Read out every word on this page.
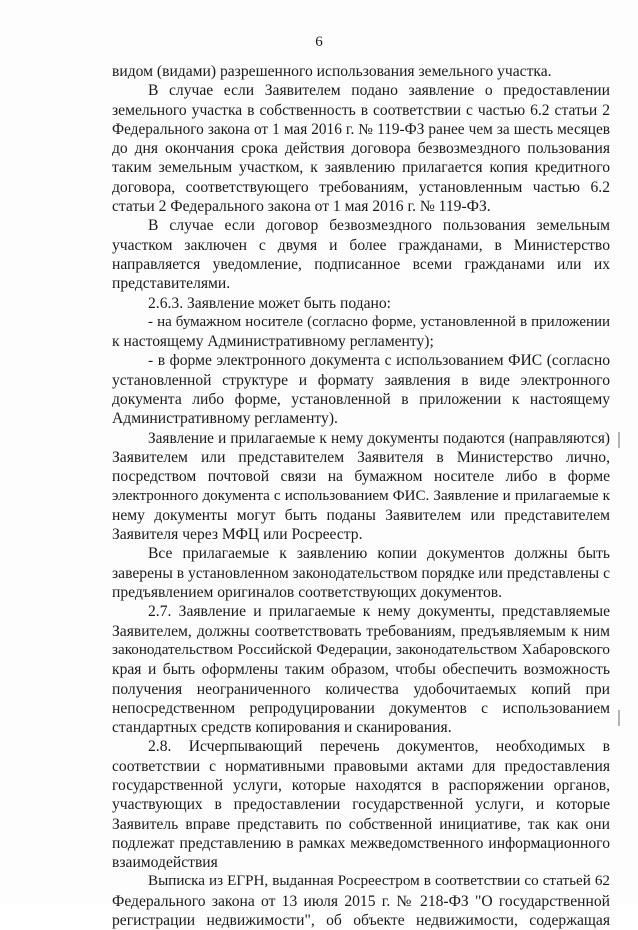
6
видом (видами) разрешенного использования земельного участка.
В случае если Заявителем подано заявление о предоставлении
земельного участка в собственность в соответствии с частью 6.2 статьи 2
Федерального закона от 1 мая 2016 г. № 119-ФЗ ранее чем за шесть месяцев
до дня окончания срока действия договора безвозмездного пользования
таким земельным участком, к заявлению прилагается копия кредитного
договора, соответствующего требованиям, установленным частью 6.2
статьи 2 Федерального закона от 1 мая 2016 г. № 119-ФЗ.
В случае если договор безвозмездного пользования земельным
участком заключен с двумя и более гражданами, в Министерство
направляется уведомление, подписанное всеми гражданами или их
представителями.
2.6.3. Заявление может быть подано:
- на бумажном носителе (согласно форме, установленной в приложении
к настоящему Административному регламенту);
- в форме электронного документа с использованием ФИС (согласно
установленной структуре и формату заявления в виде электронного
документа либо форме, установленной в приложении к настоящему
Административному регламенту).
Заявление и прилагаемые к нему документы подаются (направляются)
Заявителем или представителем Заявителя в Министерство лично,
посредством почтовой связи на бумажном носителе либо в форме
электронного документа с использованием ФИС. Заявление и прилагаемые к
нему документы могут быть поданы Заявителем или представителем
Заявителя через МФЦ или Росреестр.
Все прилагаемые к заявлению копии документов должны быть
заверены в установленном законодательством порядке или представлены с
предъявлением оригиналов соответствующих документов.
2.7. Заявление и прилагаемые к нему документы, представляемые
Заявителем, должны соответствовать требованиям, предъявляемым к ним
законодательством Российской Федерации, законодательством Хабаровского
края и быть оформлены таким образом, чтобы обеспечить возможность
получения неограниченного количества удобочитаемых копий при
непосредственном репродуцировании документов с использованием
стандартных средств копирования и сканирования.
2.8. Исчерпывающий перечень документов, необходимых в
соответствии с нормативными правовыми актами для предоставления
государственной услуги, которые находятся в распоряжении органов,
участвующих в предоставлении государственной услуги, и которые
Заявитель вправе представить по собственной инициативе, так как они
подлежат представлению в рамках межведомственного информационного
взаимодействия
Выписка из ЕГРН, выданная Росреестром в соответствии со статьей 62
Федерального закона от 13 июля 2015 г. № 218-ФЗ "О государственной
регистрации недвижимости", об объекте недвижимости, содержащая
